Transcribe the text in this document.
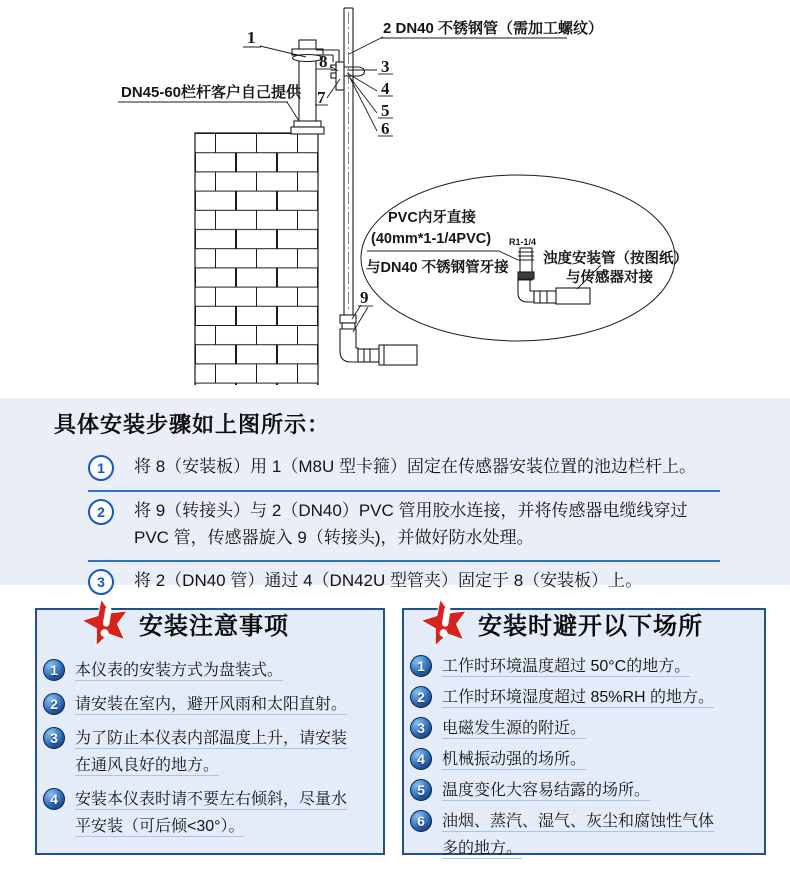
1	2 DN40 不锈钢管（需加工螺纹）
DN45-60栏杆客户自己提供
8
7
3
4
5
6
9
PVC内牙直接
(40mm*1-1/4PVC)
与DN40 不锈钢管牙接
R1-1/4
浊度安装管（按图纸）
与传感器对接
具体安装步骤如上图所示：
1	将 8（安装板）用 1（M8U 型卡箍）固定在传感器安装位置的池边栏杆上。
2	将 9（转接头）与 2（DN40）PVC 管用胶水连接，并将传感器电缆线穿过 PVC 管，传感器旋入 9（转接头)，并做好防水处理。
3	将 2（DN40 管）通过 4（DN42U 型管夹）固定于 8（安装板）上。
安装注意事项
1	本仪表的安装方式为盘装式。
2	请安装在室内，避开风雨和太阳直射。
3	为了防止本仪表内部温度上升，请安装在通风良好的地方。
4	安装本仪表时请不要左右倾斜，尽量水平安装（可后倾<30°）。
安装时避开以下场所
1	工作时环境温度超过 50°C的地方。
2	工作时环境湿度超过 85%RH 的地方。
3	电磁发生源的附近。
4	机械振动强的场所。
5	温度变化大容易结露的场所。
6	油烟、蒸汽、湿气、灰尘和腐蚀性气体多的地方。
